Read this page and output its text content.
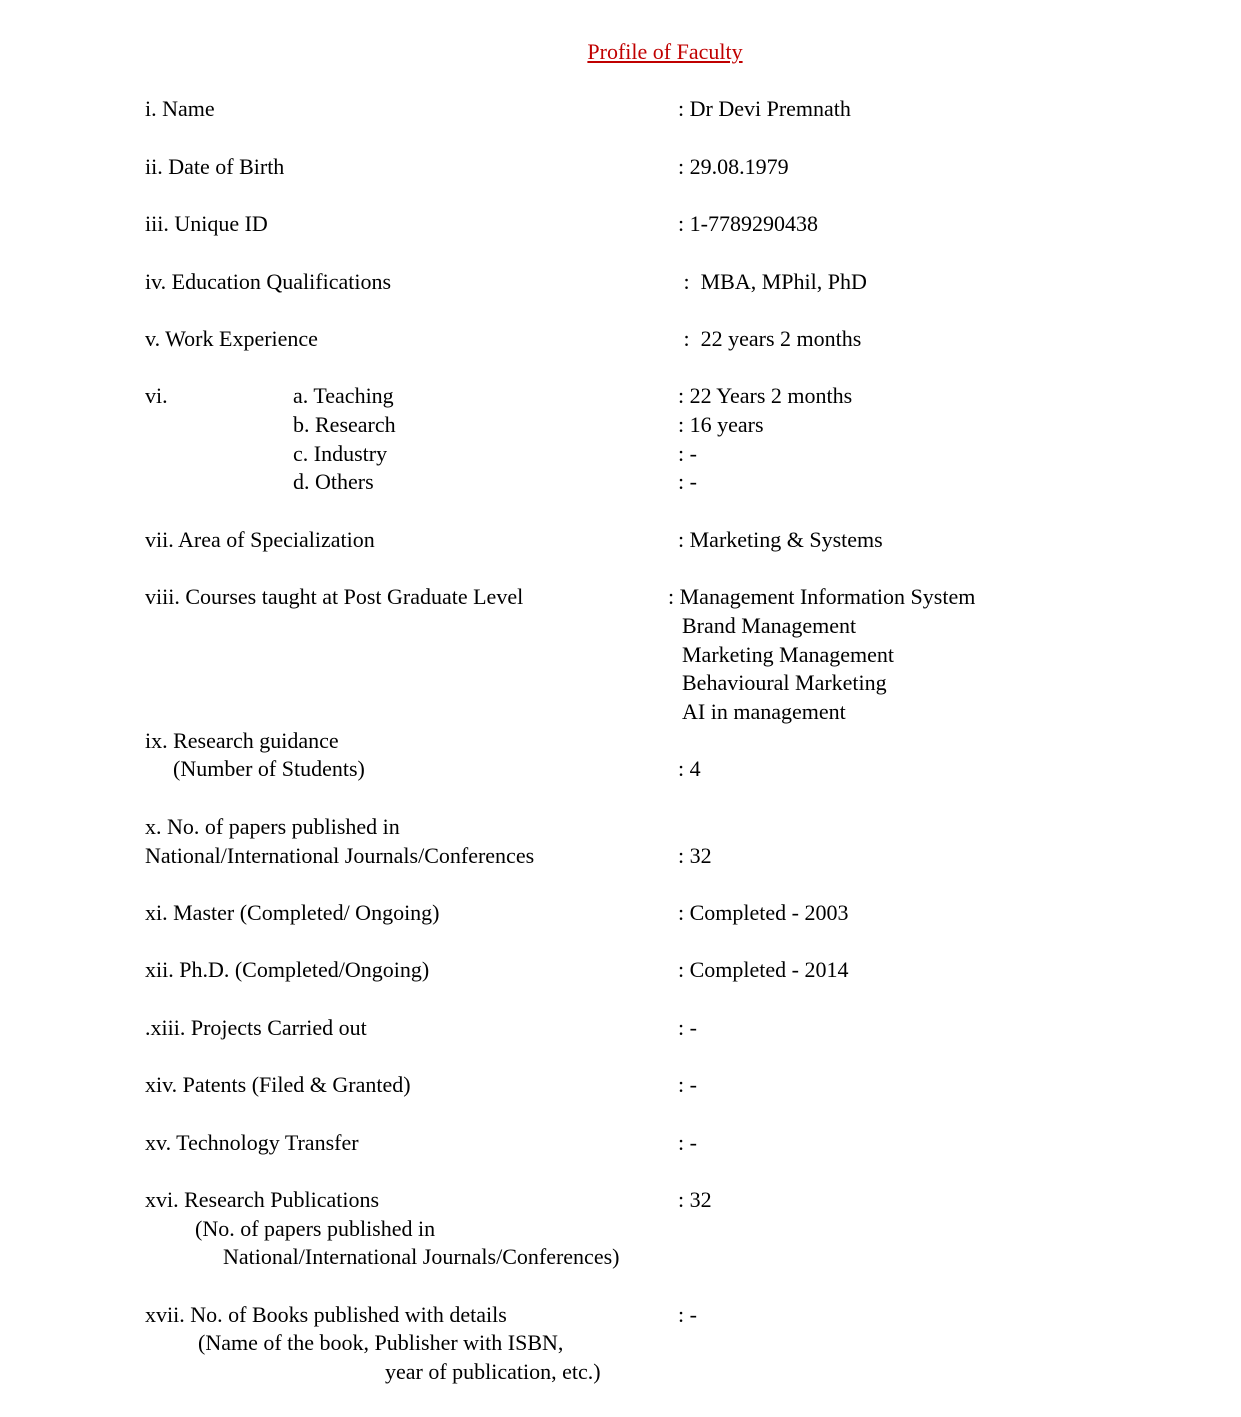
Profile of Faculty
i. Name	: Dr Devi Premnath
ii. Date of Birth	: 29.08.1979
iii. Unique ID	: 1-7789290438
iv. Education Qualifications	:  MBA, MPhil, PhD
v. Work Experience	:  22 years 2 months
vi.	a. Teaching	: 22 Years 2 months
b. Research	: 16 years
c. Industry	: -
d. Others	: -
vii. Area of Specialization	: Marketing & Systems
viii. Courses taught at Post Graduate Level	: Management Information System
Brand Management
Marketing Management
Behavioural Marketing
AI in management
ix. Research guidance
(Number of Students)	: 4
x. No. of papers published in
National/International Journals/Conferences	: 32
xi. Master (Completed/ Ongoing)	: Completed - 2003
xii. Ph.D. (Completed/Ongoing)	: Completed - 2014
.xiii. Projects Carried out	: -
xiv. Patents (Filed & Granted)	: -
xv. Technology Transfer	: -
xvi. Research Publications	: 32
(No. of papers published in
National/International Journals/Conferences)
xvii. No. of Books published with details	: -
(Name of the book, Publisher with ISBN,
year of publication, etc.)
